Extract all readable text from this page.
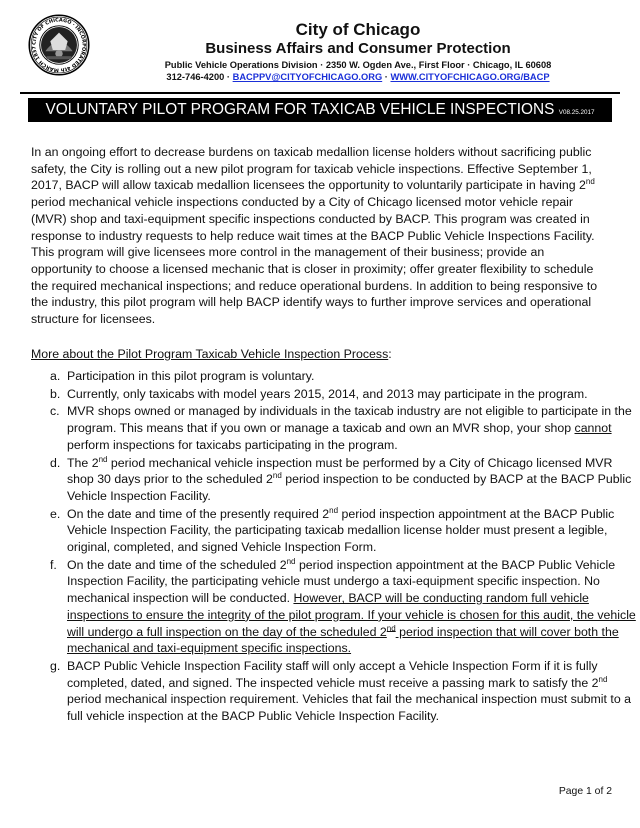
CITY OF CHICAGO · INCORPORATED 4th MARCH 1837
City of Chicago
Business Affairs and Consumer Protection
Public Vehicle Operations Division · 2350 W. Ogden Ave., First Floor · Chicago, IL 60608
312-746-4200 · BACPPV@CITYOFCHICAGO.ORG · WWW.CITYOFCHICAGO.ORG/BACP
VOLUNTARY PILOT PROGRAM FOR TAXICAB VEHICLE INSPECTIONS V08.25.2017

In an ongoing effort to decrease burdens on taxicab medallion license holders without sacrificing public safety, the City is rolling out a new pilot program for taxicab vehicle inspections. Effective September 1, 2017, BACP will allow taxicab medallion licensees the opportunity to voluntarily participate in having 2nd period mechanical vehicle inspections conducted by a City of Chicago licensed motor vehicle repair (MVR) shop and taxi-equipment specific inspections conducted by BACP. This program was created in response to industry requests to help reduce wait times at the BACP Public Vehicle Inspections Facility. This program will give licensees more control in the management of their business; provide an opportunity to choose a licensed mechanic that is closer in proximity; offer greater flexibility to schedule the required mechanical inspections; and reduce operational burdens. In addition to being responsive to the industry, this pilot program will help BACP identify ways to further improve services and operational structure for licensees.

More about the Pilot Program Taxicab Vehicle Inspection Process:

a. Participation in this pilot program is voluntary.
b. Currently, only taxicabs with model years 2015, 2014, and 2013 may participate in the program.
c. MVR shops owned or managed by individuals in the taxicab industry are not eligible to participate in the program. This means that if you own or manage a taxicab and own an MVR shop, your shop cannot perform inspections for taxicabs participating in the program.
d. The 2nd period mechanical vehicle inspection must be performed by a City of Chicago licensed MVR shop 30 days prior to the scheduled 2nd period inspection to be conducted by BACP at the BACP Public Vehicle Inspection Facility.
e. On the date and time of the presently required 2nd period inspection appointment at the BACP Public Vehicle Inspection Facility, the participating taxicab medallion license holder must present a legible, original, completed, and signed Vehicle Inspection Form.
f. On the date and time of the scheduled 2nd period inspection appointment at the BACP Public Vehicle Inspection Facility, the participating vehicle must undergo a taxi-equipment specific inspection. No mechanical inspection will be conducted. However, BACP will be conducting random full vehicle inspections to ensure the integrity of the pilot program. If your vehicle is chosen for this audit, the vehicle will undergo a full inspection on the day of the scheduled 2nd period inspection that will cover both the mechanical and taxi-equipment specific inspections.
g. BACP Public Vehicle Inspection Facility staff will only accept a Vehicle Inspection Form if it is fully completed, dated, and signed. The inspected vehicle must receive a passing mark to satisfy the 2nd period mechanical inspection requirement. Vehicles that fail the mechanical inspection must submit to a full vehicle inspection at the BACP Public Vehicle Inspection Facility.
Page 1 of 2
